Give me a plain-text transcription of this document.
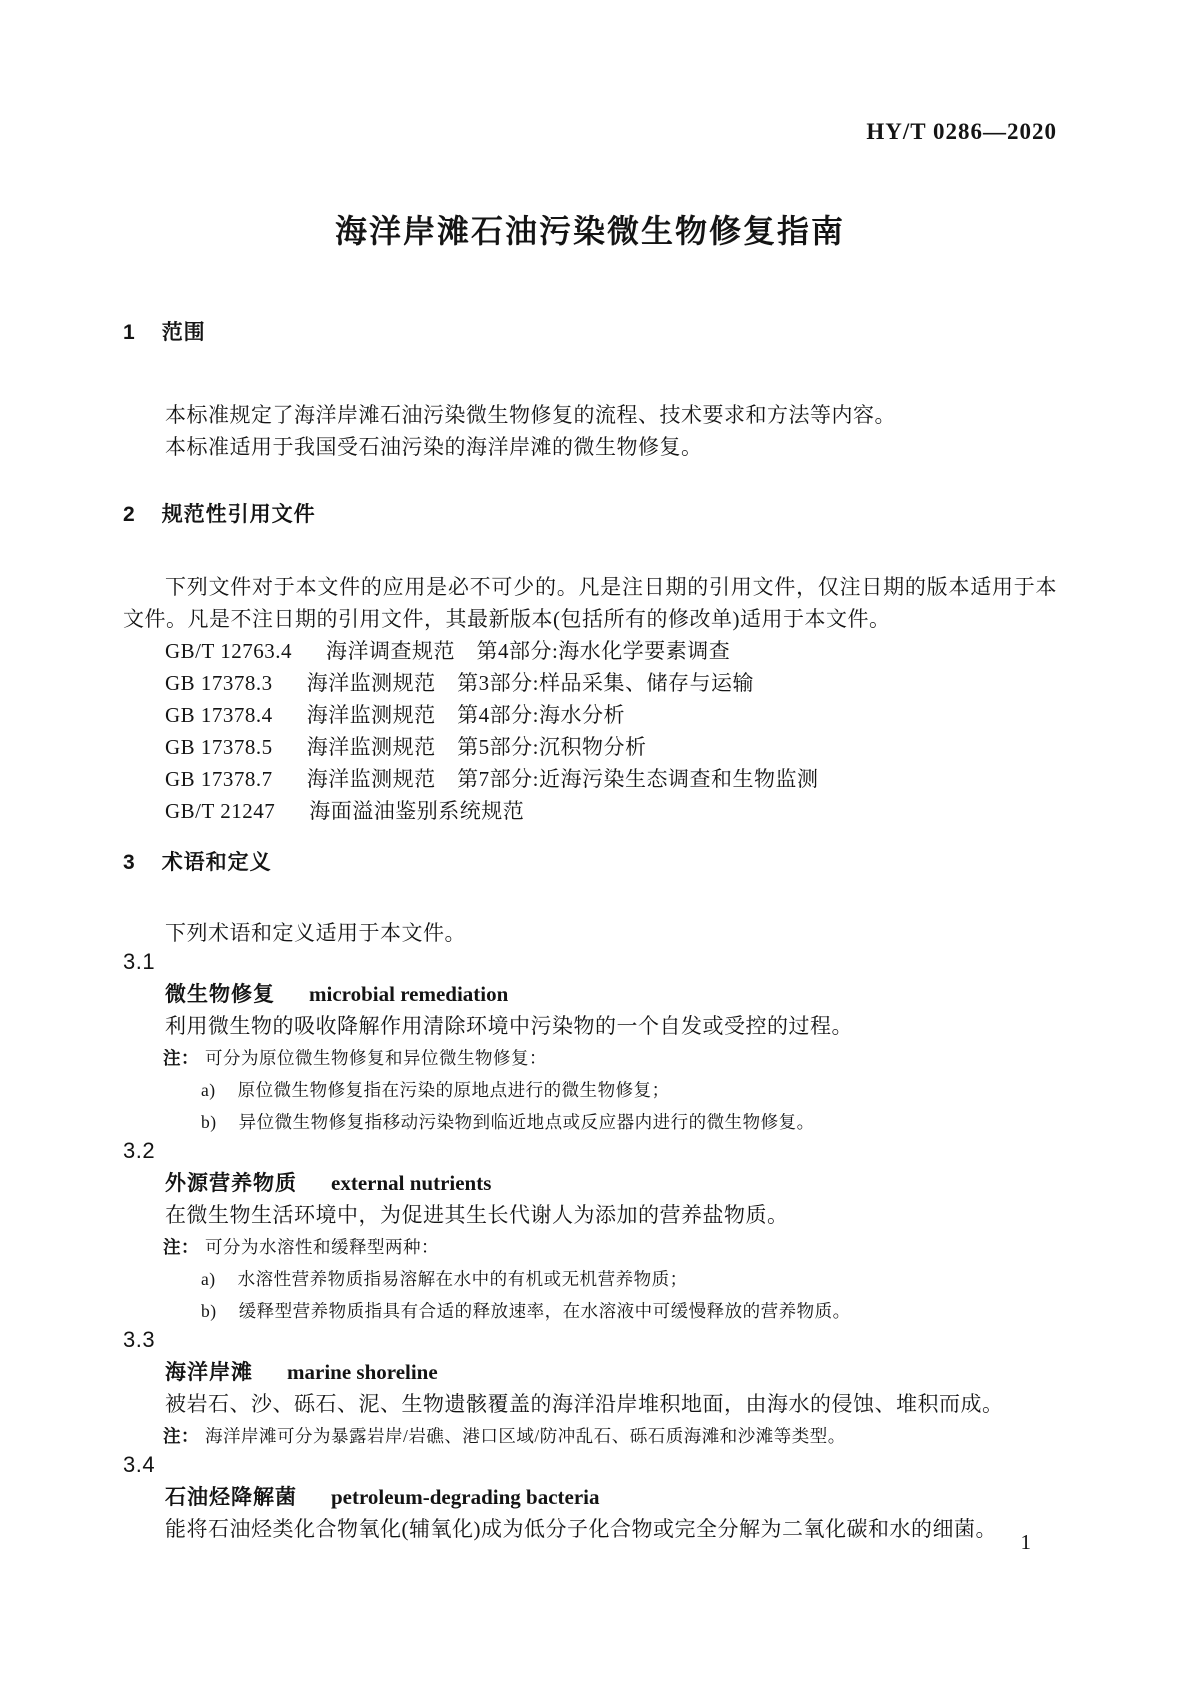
HY/T 0286—2020
海洋岸滩石油污染微生物修复指南
1 范围

本标准规定了海洋岸滩石油污染微生物修复的流程、技术要求和方法等内容。

本标准适用于我国受石油污染的海洋岸滩的微生物修复。

2 规范性引用文件

下列文件对于本文件的应用是必不可少的。凡是注日期的引用文件，仅注日期的版本适用于本文件。凡是不注日期的引用文件，其最新版本(包括所有的修改单)适用于本文件。

GB/T 12763.4 海洋调查规范　第4部分:海水化学要素调查
GB 17378.3 海洋监测规范　第3部分:样品采集、储存与运输
GB 17378.4 海洋监测规范　第4部分:海水分析
GB 17378.5 海洋监测规范　第5部分:沉积物分析
GB 17378.7 海洋监测规范　第7部分:近海污染生态调查和生物监测
GB/T 21247 海面溢油鉴别系统规范
3 术语和定义

下列术语和定义适用于本文件。

3.1
微生物修复 microbial remediation
利用微生物的吸收降解作用清除环境中污染物的一个自发或受控的过程。
注： 可分为原位微生物修复和异位微生物修复：
a) 原位微生物修复指在污染的原地点进行的微生物修复；
b) 异位微生物修复指移动污染物到临近地点或反应器内进行的微生物修复。
3.2
外源营养物质 external nutrients
在微生物生活环境中，为促进其生长代谢人为添加的营养盐物质。
注： 可分为水溶性和缓释型两种：
a) 水溶性营养物质指易溶解在水中的有机或无机营养物质；
b) 缓释型营养物质指具有合适的释放速率，在水溶液中可缓慢释放的营养物质。
3.3
海洋岸滩 marine shoreline
被岩石、沙、砾石、泥、生物遗骸覆盖的海洋沿岸堆积地面，由海水的侵蚀、堆积而成。
注： 海洋岸滩可分为暴露岩岸/岩礁、港口区域/防冲乱石、砾石质海滩和沙滩等类型。
3.4
石油烃降解菌 petroleum-degrading bacteria
能将石油烃类化合物氧化(辅氧化)成为低分子化合物或完全分解为二氧化碳和水的细菌。
1
